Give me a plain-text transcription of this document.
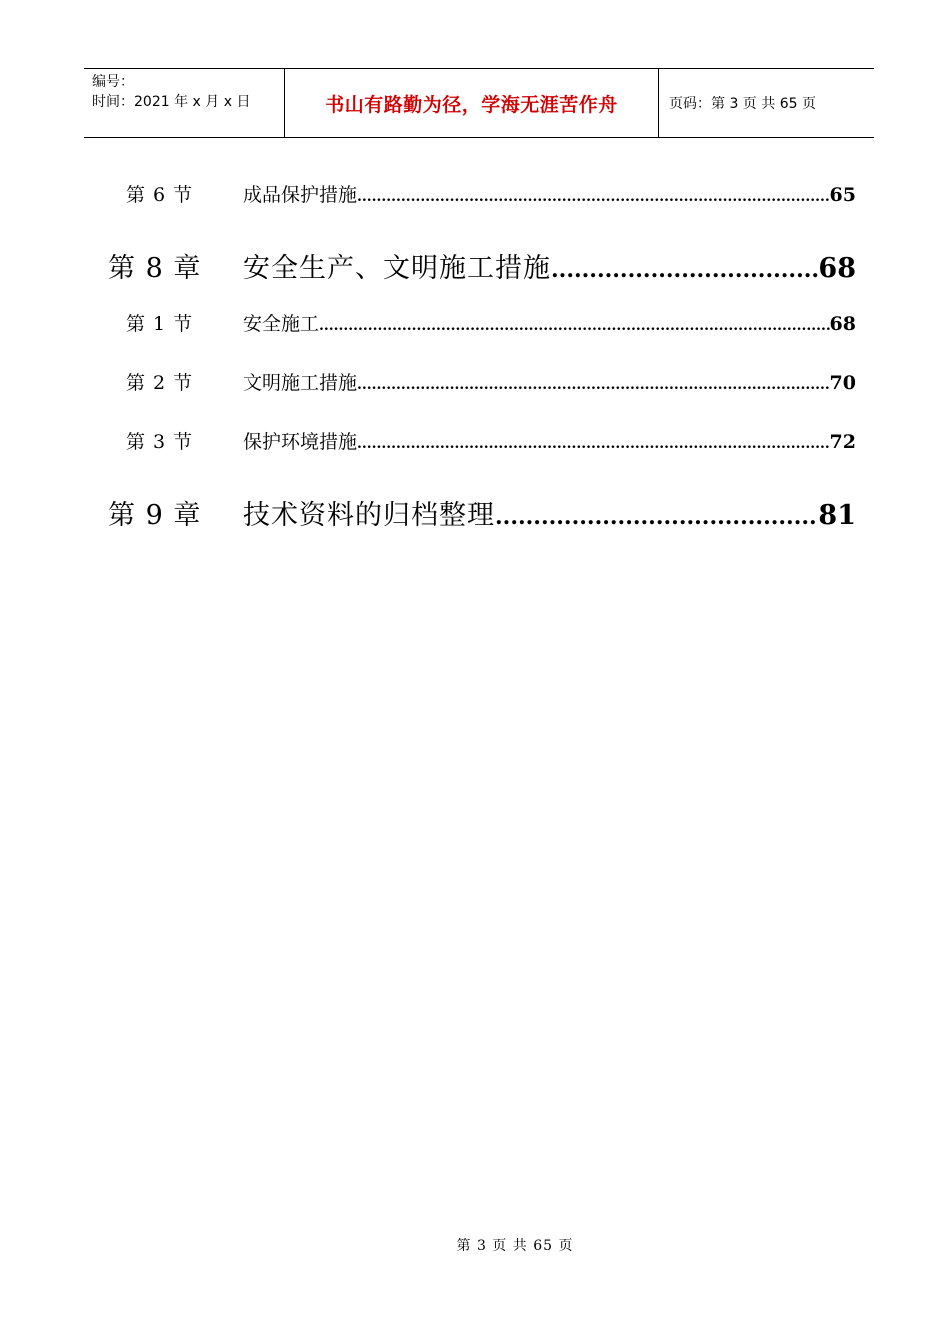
编号：
时间：2021 年 x 月 x 日	书山有路勤为径，学海无涯苦作舟	页码：第 3 页 共 65 页
第 6 节	成品保护措施 .....	65
第 8 章	安全生产、文明施工措施 .....	68
第 1 节	安全施工 .....	68
第 2 节	文明施工措施 .....	70
第 3 节	保护环境措施 .....	72
第 9 章	技术资料的归档整理 .....	81
第 3 页 共 65 页
